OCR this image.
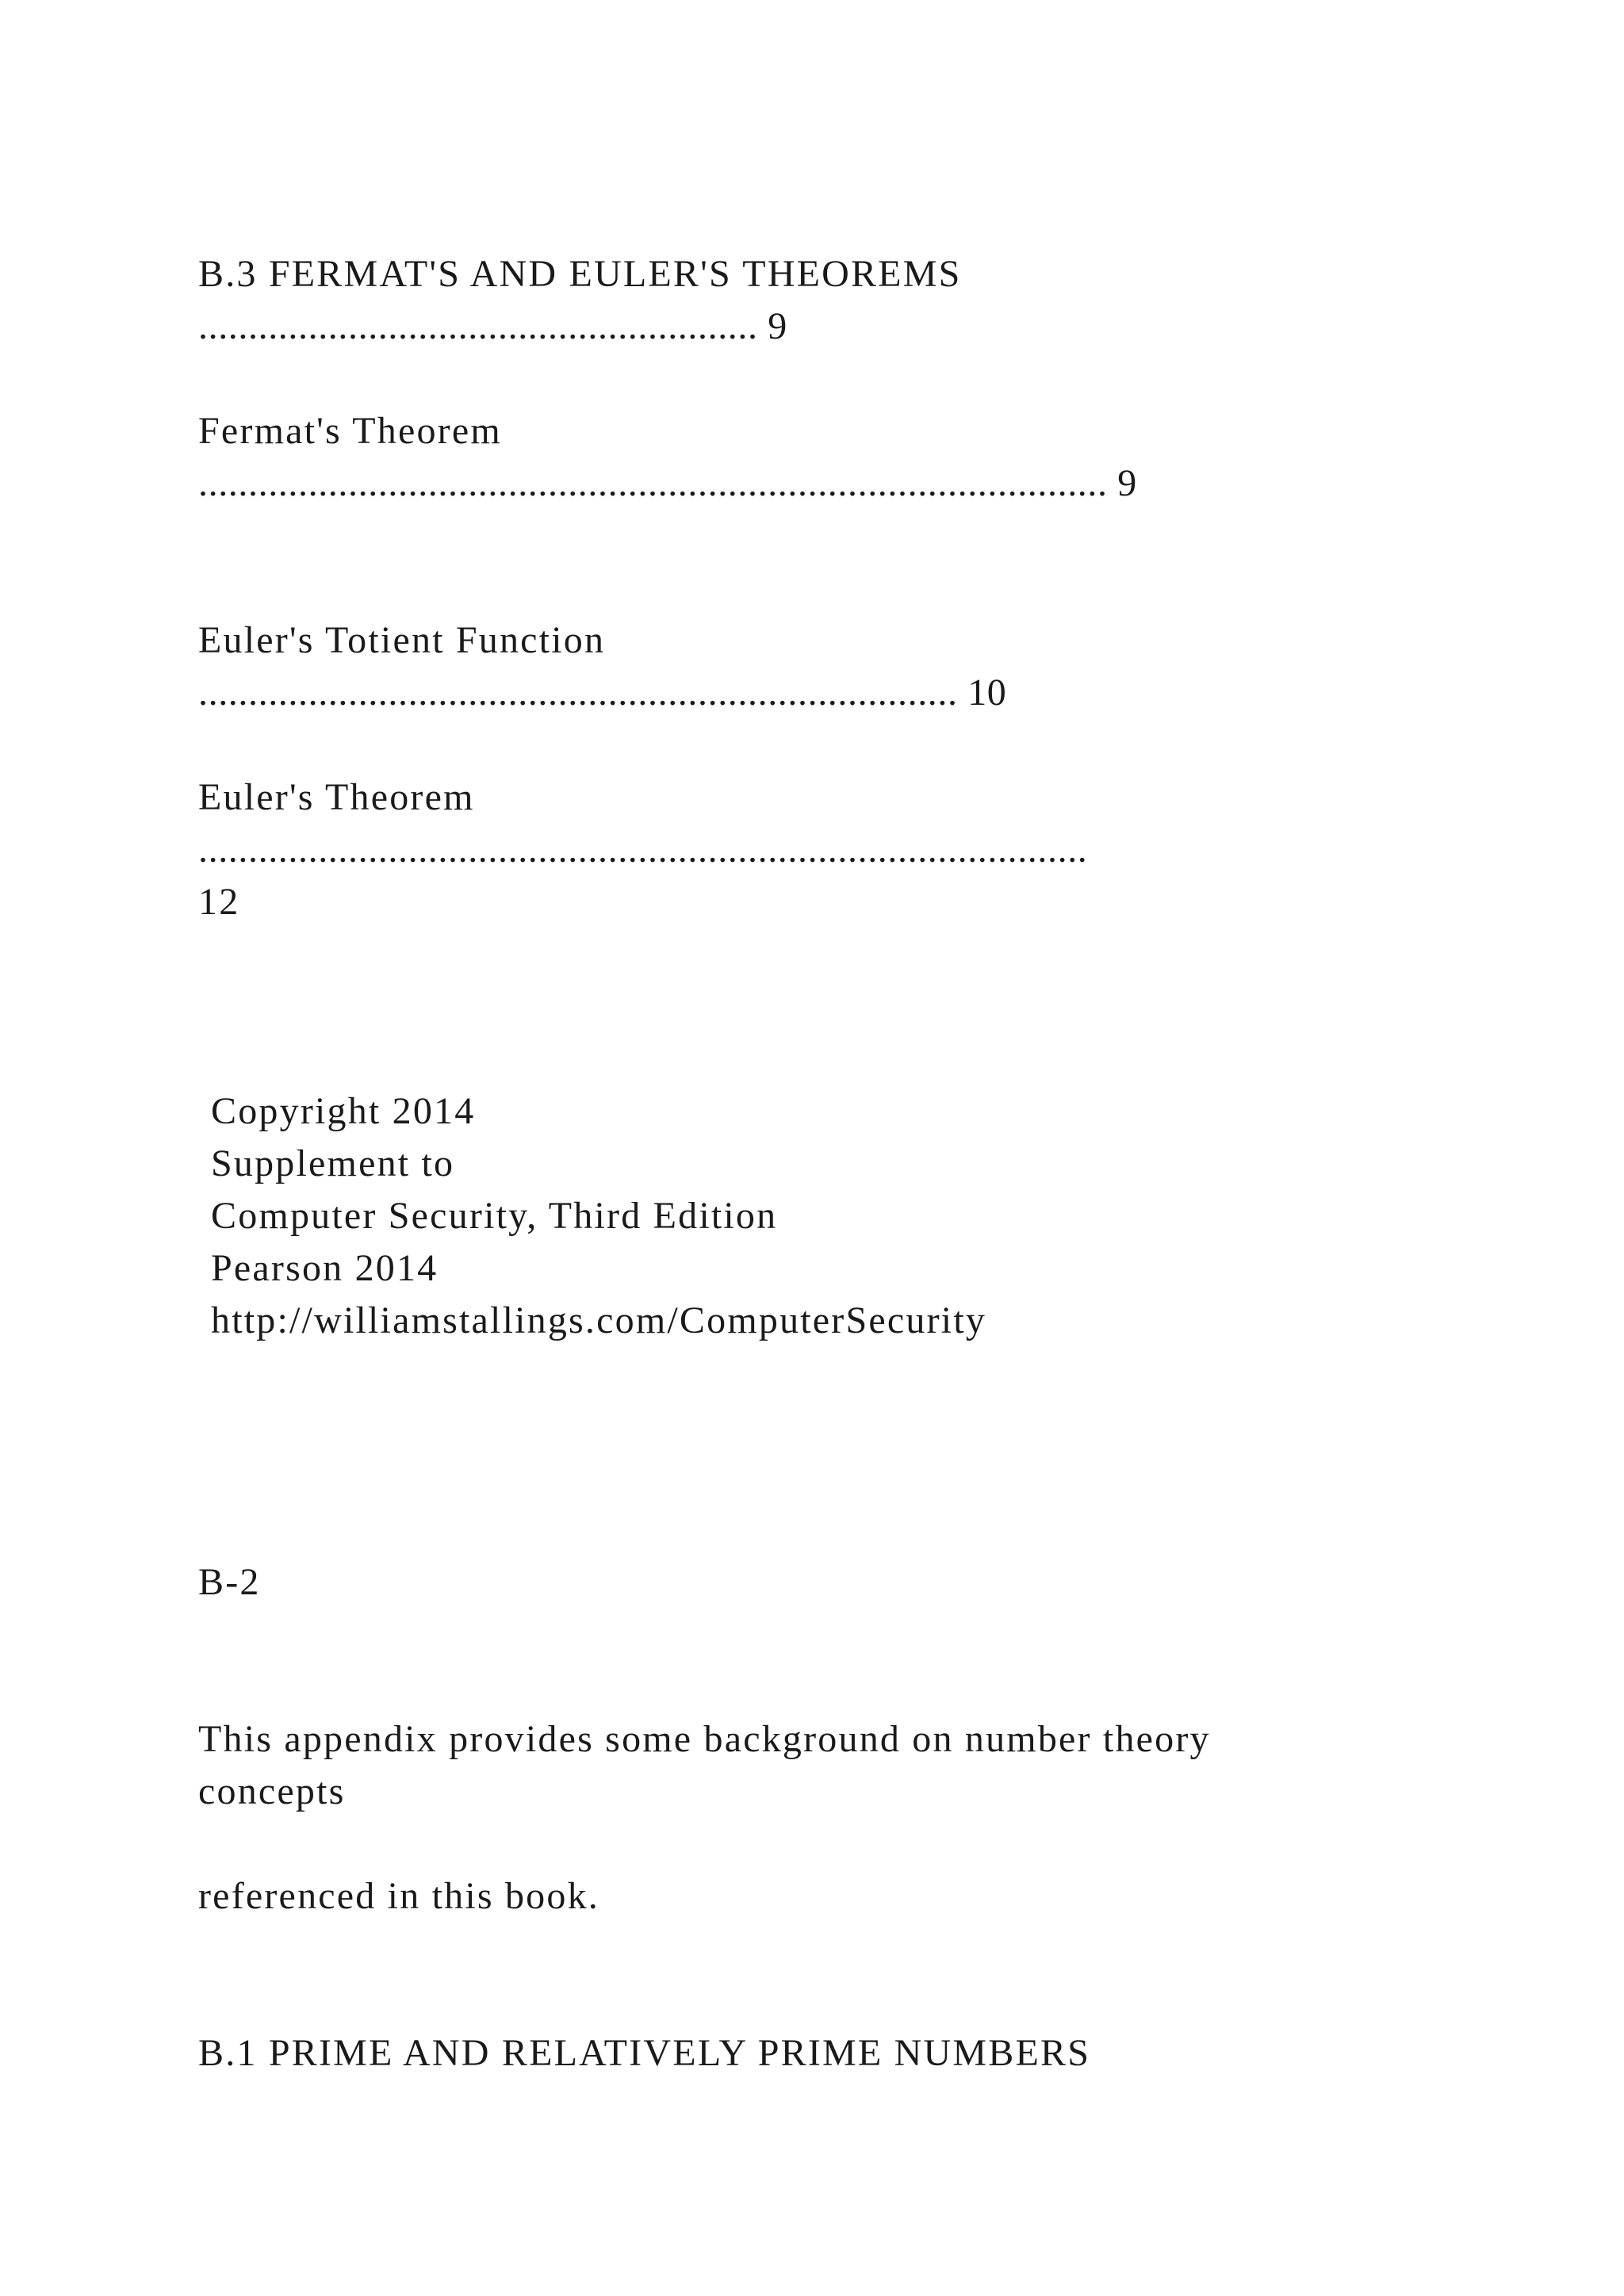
B.3 FERMAT'S AND EULER'S THEOREMS

........................................................ 9

Fermat's Theorem

........................................................................................... 9

Euler's Totient Function

............................................................................ 10

Euler's Theorem

.........................................................................................

12

Copyright 2014

Supplement to

Computer Security, Third Edition

Pearson 2014

http://williamstallings.com/ComputerSecurity

B-2

This appendix provides some background on number theory

concepts

referenced in this book.

B.1 PRIME AND RELATIVELY PRIME NUMBERS
